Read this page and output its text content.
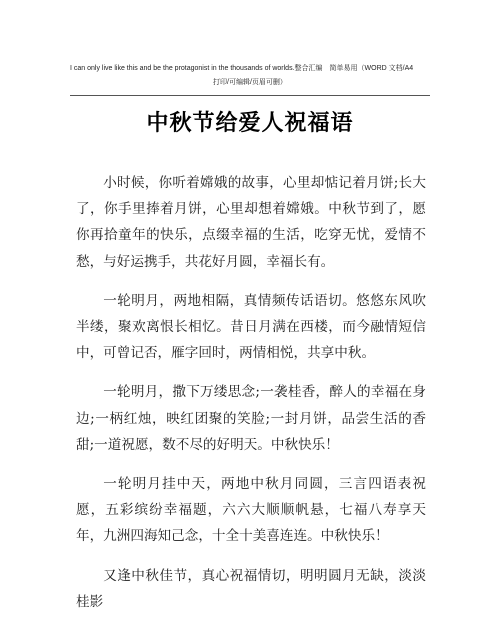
I can only live like this and be the protagonist in the thousands of worlds.整合汇编　简单易用（WORD 文档/A4

打印/可编辑/页眉可删）
中秋节给爱人祝福语

小时候，你听着嫦娥的故事，心里却惦记着月饼;长大了，你手里捧着月饼，心里却想着嫦娥。中秋节到了，愿你再拾童年的快乐，点缀幸福的生活，吃穿无忧，爱情不愁，与好运携手，共花好月圆，幸福长有。

一轮明月，两地相隔，真情频传话语切。悠悠东风吹半缕，聚欢离恨长相忆。昔日月满在西楼，而今融情短信中，可曾记否，雁字回时，两情相悦，共享中秋。

一轮明月，撒下万缕思念;一袭桂香，醉人的幸福在身边;一柄红烛，映红团聚的笑脸;一封月饼，品尝生活的香甜;一道祝愿，数不尽的好明天。中秋快乐！

一轮明月挂中天，两地中秋月同圆，三言四语表祝愿，五彩缤纷幸福题，六六大顺顺帆悬，七福八寿享天年，九洲四海知己念，十全十美喜连连。中秋快乐！

又逢中秋佳节，真心祝福情切，明明圆月无缺，淡淡桂影
